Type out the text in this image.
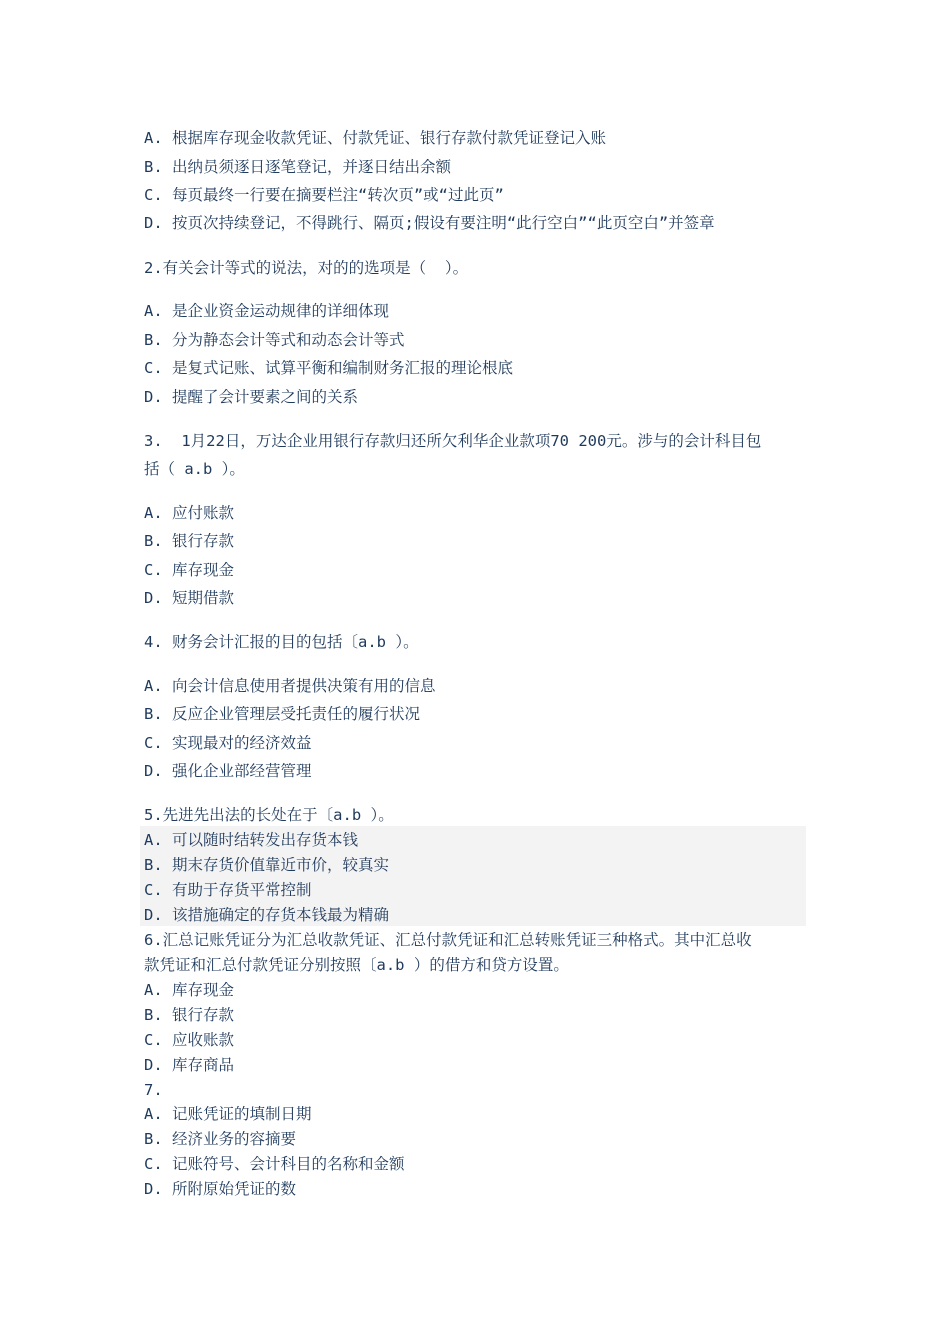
A. 根据库存现金收款凭证、付款凭证、银行存款付款凭证登记入账
B. 出纳员须逐日逐笔登记，并逐日结出余额
C. 每页最终一行要在摘要栏注“转次页”或“过此页”
D. 按页次持续登记，不得跳行、隔页;假设有要注明“此行空白”“此页空白”并签章
2.有关会计等式的说法，对的的选项是（  ）。
A. 是企业资金运动规律的详细体现
B. 分为静态会计等式和动态会计等式
C. 是复式记账、试算平衡和编制财务汇报的理论根底
D. 提醒了会计要素之间的关系
3.  1月22日，万达企业用银行存款归还所欠利华企业款项70 200元。涉与的会计科目包
括（ a.b ）。
A. 应付账款
B. 银行存款
C. 库存现金
D. 短期借款
4. 财务会计汇报的目的包括〔a.b ）。
A. 向会计信息使用者提供决策有用的信息
B. 反应企业管理层受托责任的履行状况
C. 实现最对的经济效益
D. 强化企业部经营管理
5.先进先出法的长处在于〔a.b ）。
A. 可以随时结转发出存货本钱
B. 期末存货价值靠近市价，较真实
C. 有助于存货平常控制
D. 该措施确定的存货本钱最为精确
6.汇总记账凭证分为汇总收款凭证、汇总付款凭证和汇总转账凭证三种格式。其中汇总收
款凭证和汇总付款凭证分别按照〔a.b ）的借方和贷方设置。
A. 库存现金
B. 银行存款
C. 应收账款
D. 库存商品
7.
A. 记账凭证的填制日期
B. 经济业务的容摘要
C. 记账符号、会计科目的名称和金额
D. 所附原始凭证的数
